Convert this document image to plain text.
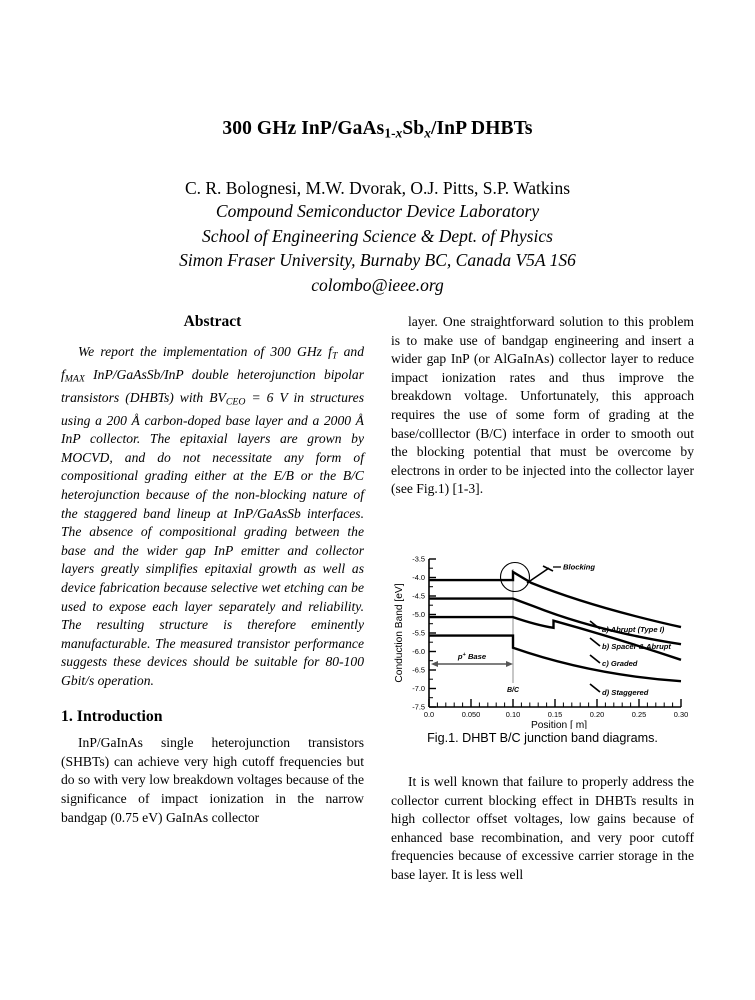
300 GHz InP/$GaAs_{1-x}Sb_x$/InP DHBTs
C. R. Bolognesi, M.W. Dvorak, O.J. Pitts, S.P. Watkins
Compound Semiconductor Device Laboratory
School of Engineering Science & Dept. of Physics
Simon Fraser University, Burnaby BC, Canada V5A 1S6
colombo@ieee.org
Abstract

We report the implementation of 300 GHz $f_T$ and $f_{MAX}$ InP/GaAsSb/InP double heterojunction bipolar transistors (DHBTs) with $BV_{CEO} = 6$ V in structures using a 200 Å carbon-doped base layer and a 2000 Å InP collector. The epitaxial layers are grown by MOCVD, and do not necessitate any form of compositional grading either at the E/B or the B/C heterojunction because of the non-blocking nature of the staggered band lineup at InP/GaAsSb interfaces. The absence of compositional grading between the base and the wider gap InP emitter and collector layers greatly simplifies epitaxial growth as well as device fabrication because selective wet etching can be used to expose each layer separately and reliability. The resulting structure is therefore eminently manufacturable. The measured transistor performance suggests these devices should be suitable for 80-100 Gbit/s operation.

1. Introduction

InP/GaInAs single heterojunction transistors (SHBTs) can achieve very high cutoff frequencies but do so with very low breakdown voltages because of the significance of impact ionization in the narrow bandgap (0.75 eV) GaInAs collector

layer. One straightforward solution to this problem is to make use of bandgap engineering and insert a wider gap InP (or AlGaInAs) collector layer to reduce impact ionization rates and thus improve the breakdown voltage. Unfortunately, this approach requires the use of some form of grading at the base/colllector (B/C) interface in order to smooth out the blocking potential that must be overcome by electrons in order to be injected into the collector layer (see Fig.1) [1-3].

-3.5
-4.0
-4.5
-5.0
-5.5
-6.0
-6.5
-7.0
-7.5
0.0	0.050	0.10	0.15	0.20	0.25	0.30
Position [ m]
Conduction Band [eV]
B/C
p+ Base
Blocking
a) Abrupt (Type I)
b) Spacer & Abrupt
c) Graded
d) Staggered
Fig.1. DHBT B/C junction band diagrams.

It is well known that failure to properly address the collector current blocking effect in DHBTs results in high collector offset voltages, low gains because of enhanced base recombination, and very poor cutoff frequencies because of excessive carrier storage in the base layer. It is less well
